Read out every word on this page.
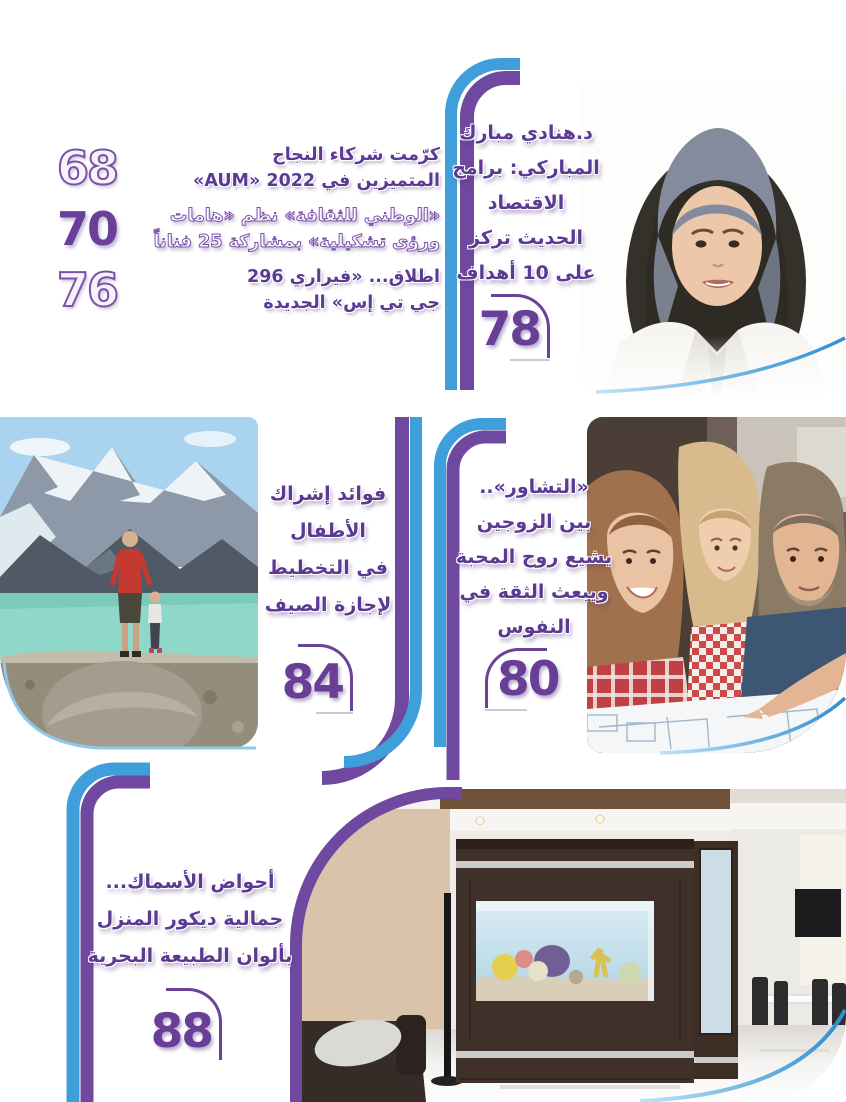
68	كرّمت شركاء النجاح
المتميزين في 2022 «AUM»
70	«الوطني للثقافة» نظم «هامات
ورؤى تشكيلية» بمشاركة 25 فناناً
76	اطلاق... «فيراري 296
جي تي إس» الجديدة
د.هنادي مبارك
المباركي: برامج
الاقتصاد
الحديث تركز
على 10 أهداف
78
«التشاور»..
بين الزوجين
يشيع روح المحبة
ويبعث الثقة في
النفوس
80
فوائد إشراك
الأطفال
في التخطيط
لإجازة الصيف
84
أحواض الأسماك...
جمالية ديكور المنزل
بألوان الطبيعة البحرية
88
